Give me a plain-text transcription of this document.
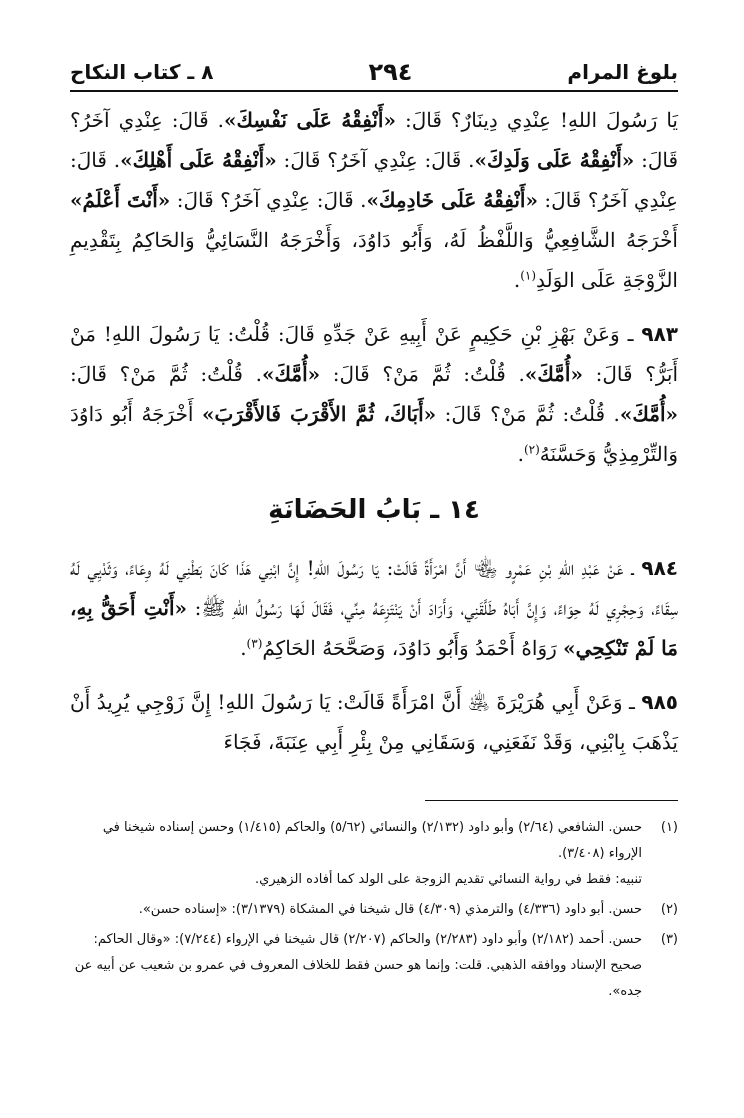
بلوغ المرام
٢٩٤
٨ ـ كتاب النكاح

يَا رَسُولَ اللهِ! عِنْدِي دِينَارٌ؟ قَالَ: «أَنْفِقْهُ عَلَى نَفْسِكَ». قَالَ: عِنْدِي آخَرُ؟ قَالَ: «أَنْفِقْهُ عَلَى وَلَدِكَ». قَالَ: عِنْدِي آخَرُ؟ قَالَ: «أَنْفِقْهُ عَلَى أَهْلِكَ». قَالَ: عِنْدِي آخَرُ؟ قَالَ: «أَنْفِقْهُ عَلَى خَادِمِكَ». قَالَ: عِنْدِي آخَرُ؟ قَالَ: «أَنْتَ أَعْلَمُ» أَخْرَجَهُ الشَّافِعِيُّ وَاللَّفْظُ لَهُ، وَأَبُو دَاوُدَ، وَأَخْرَجَهُ النَّسَائِيُّ وَالحَاكِمُ بِتَقْدِيمِ الزَّوْجَةِ عَلَى الوَلَدِ$^{(١)}$.

٩٨٣ ـ وَعَنْ بَهْزِ بْنِ حَكِيمٍ عَنْ أَبِيهِ عَنْ جَدِّهِ قَالَ: قُلْتُ: يَا رَسُولَ اللهِ! مَنْ أَبَرُّ؟ قَالَ: «أُمَّكَ». قُلْتُ: ثُمَّ مَنْ؟ قَالَ: «أُمَّكَ». قُلْتُ: ثُمَّ مَنْ؟ قَالَ: «أُمَّكَ». قُلْتُ: ثُمَّ مَنْ؟ قَالَ: «أَبَاكَ، ثُمَّ الأَقْرَبَ فَالأَقْرَبَ» أَخْرَجَهُ أَبُو دَاوُدَ وَالتِّرْمِذِيُّ وَحَسَّنَهُ$^{(٢)}$.

١٤ ـ بَابُ الحَضَانَةِ

٩٨٤ ـ عَنْ عَبْدِ اللهِ بْنِ عَمْرٍو ﵄ أَنَّ امْرَأَةً قَالَتْ: يَا رَسُولَ اللهِ! إِنَّ ابْنِي هَذَا كَانَ بَطْنِي لَهُ وِعَاءً، وَثَدْيِي لَهُ سِقَاءً، وَحِجْرِي لَهُ حِوَاءً، وَإِنَّ أَبَاهُ طَلَّقَنِي، وَأَرَادَ أَنْ يَنْتَزِعَهُ مِنِّي، فَقَالَ لَهَا رَسُولُ اللهِ ﷺ: «أَنْتِ أَحَقُّ بِهِ، مَا لَمْ تَنْكِحِي» رَوَاهُ أَحْمَدُ وَأَبُو دَاوُدَ، وَصَحَّحَهُ الحَاكِمُ$^{(٣)}$.

٩٨٥ ـ وَعَنْ أَبِي هُرَيْرَةَ ﵁ أَنَّ امْرَأَةً قَالَتْ: يَا رَسُولَ اللهِ! إِنَّ زَوْجِي يُرِيدُ أَنْ يَذْهَبَ بِابْنِي، وَقَدْ نَفَعَنِي، وَسَقَانِي مِنْ بِئْرِ أَبِي عِنَبَةَ، فَجَاءَ

(١)

حسن. الشافعي (٢/٦٤) وأبو داود (٢/١٣٢) والنسائي (٥/٦٢) والحاكم (١/٤١٥) وحسن إسناده شيخنا في الإرواء (٣/٤٠٨).

تنبيه: فقط في رواية النسائي تقديم الزوجة على الولد كما أفاده الزهيري.

(٢)

حسن. أبو داود (٤/٣٣٦) والترمذي (٤/٣٠٩) قال شيخنا في المشكاة (٣/١٣٧٩): «إسناده حسن».

(٣)

حسن. أحمد (٢/١٨٢) وأبو داود (٢/٢٨٣) والحاكم (٢/٢٠٧) قال شيخنا في الإرواء (٧/٢٤٤): «وقال الحاكم: صحيح الإسناد ووافقه الذهبي. قلت: وإنما هو حسن فقط للخلاف المعروف في عمرو بن شعيب عن أبيه عن جده».
